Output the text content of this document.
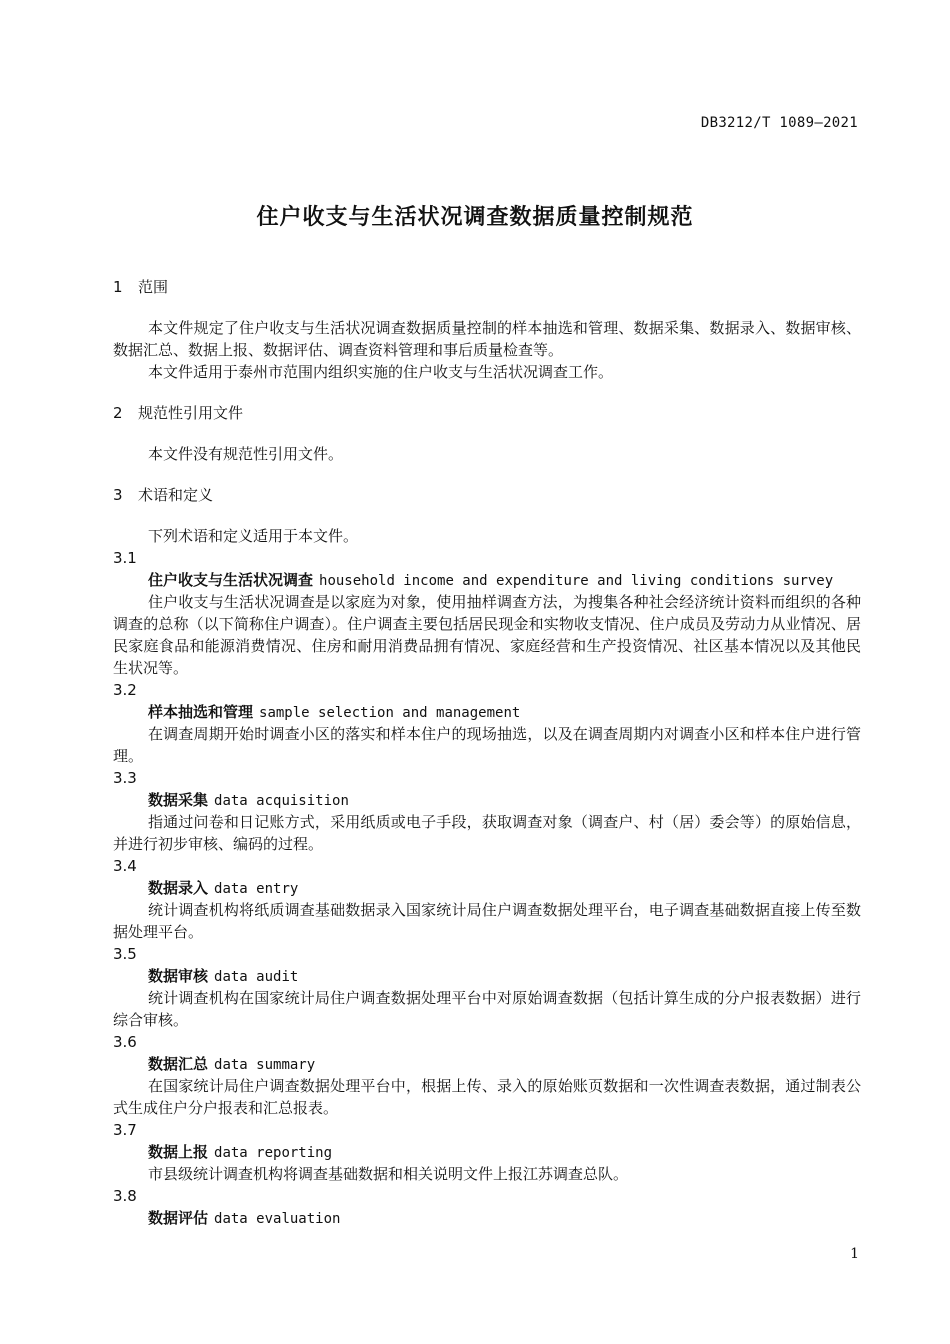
DB3212/T 1089—2021
住户收支与生活状况调查数据质量控制规范

1 范围

本文件规定了住户收支与生活状况调查数据质量控制的样本抽选和管理、数据采集、数据录入、数据审核、数据汇总、数据上报、数据评估、调查资料管理和事后质量检查等。

本文件适用于泰州市范围内组织实施的住户收支与生活状况调查工作。

2 规范性引用文件

本文件没有规范性引用文件。

3 术语和定义

下列术语和定义适用于本文件。

3.1

住户收支与生活状况调查 household income and expenditure and living conditions survey

住户收支与生活状况调查是以家庭为对象，使用抽样调查方法，为搜集各种社会经济统计资料而组织的各种调查的总称（以下简称住户调查）。住户调查主要包括居民现金和实物收支情况、住户成员及劳动力从业情况、居民家庭食品和能源消费情况、住房和耐用消费品拥有情况、家庭经营和生产投资情况、社区基本情况以及其他民生状况等。

3.2

样本抽选和管理 sample selection and management

在调查周期开始时调查小区的落实和样本住户的现场抽选，以及在调查周期内对调查小区和样本住户进行管理。

3.3

数据采集 data acquisition

指通过问卷和日记账方式，采用纸质或电子手段，获取调查对象（调查户、村（居）委会等）的原始信息，并进行初步审核、编码的过程。

3.4

数据录入 data entry

统计调查机构将纸质调查基础数据录入国家统计局住户调查数据处理平台，电子调查基础数据直接上传至数据处理平台。

3.5

数据审核 data audit

统计调查机构在国家统计局住户调查数据处理平台中对原始调查数据（包括计算生成的分户报表数据）进行综合审核。

3.6

数据汇总 data summary

在国家统计局住户调查数据处理平台中，根据上传、录入的原始账页数据和一次性调查表数据，通过制表公式生成住户分户报表和汇总报表。

3.7

数据上报 data reporting

市县级统计调查机构将调查基础数据和相关说明文件上报江苏调查总队。

3.8

数据评估 data evaluation

1
